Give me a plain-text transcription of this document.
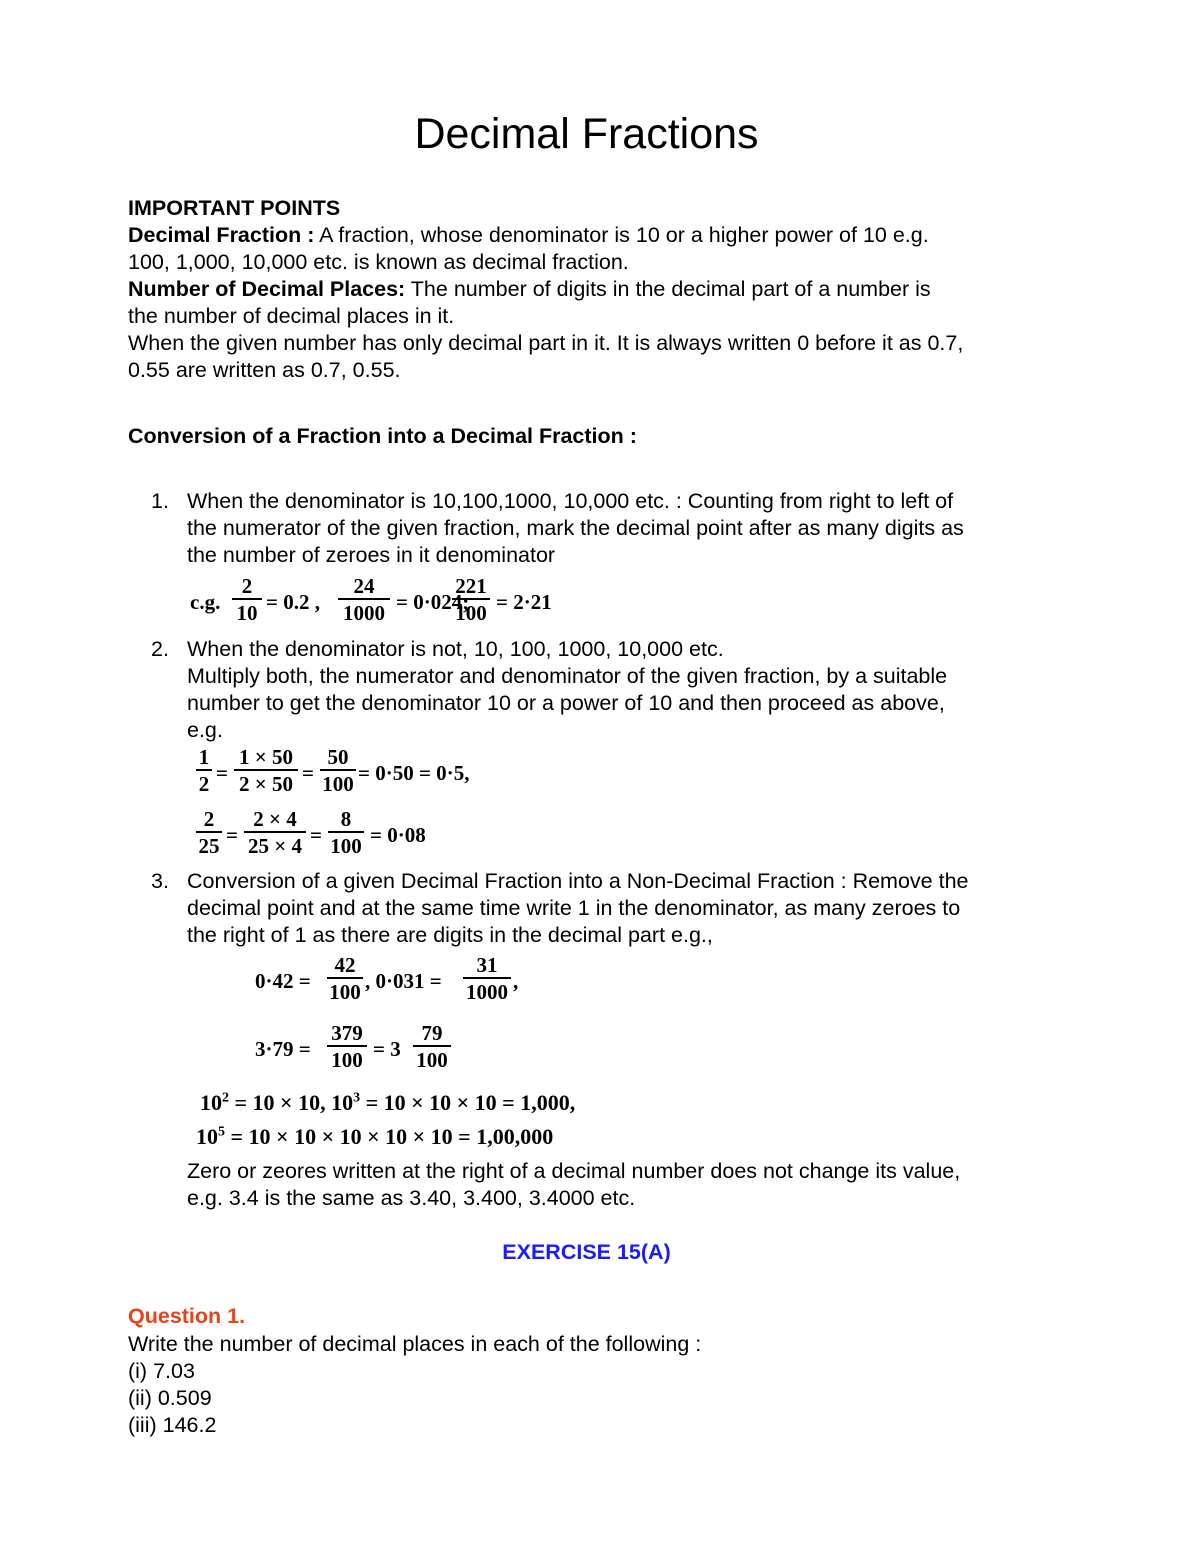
Decimal Fractions
IMPORTANT POINTS
Decimal Fraction : A fraction, whose denominator is 10 or a higher power of 10 e.g.
100, 1,000, 10,000 etc. is known as decimal fraction.
Number of Decimal Places: The number of digits in the decimal part of a number is
the number of decimal places in it.
When the given number has only decimal part in it. It is always written 0 before it as 0.7,
0.55 are written as 0.7, 0.55.
Conversion of a Fraction into a Decimal Fraction :
1. When the denominator is 10,100,1000, 10,000 etc. : Counting from right to left of
the numerator of the given fraction, mark the decimal point after as many digits as
the number of zeroes in it denominator
c.g.
2
10 = 0.2 ,
24
1000 = 0·024;
221
100 = 2·21
2. When the denominator is not, 10, 100, 1000, 10,000 etc.
Multiply both, the numerator and denominator of the given fraction, by a suitable
number to get the denominator 10 or a power of 10 and then proceed as above,
e.g.
1
2 =
1 × 50
2 × 50 =
50
100 = 0·50 = 0·5,
2
25 =
2 × 4
25 × 4 =
8
100 = 0·08
3. Conversion of a given Decimal Fraction into a Non-Decimal Fraction : Remove the
decimal point and at the same time write 1 in the denominator, as many zeroes to
the right of 1 as there are digits in the decimal part e.g.,
0·42 =
42
100 , 0·031 =
31
1000 ,
3·79 =
379
100 = 3
79
100
$10^2 = 10 \times 10$, $10^3 = 10 \times 10 \times 10 = 1,000$,
$10^5 = 10 \times 10 \times 10 \times 10 \times 10 = 1,00,000$
Zero or zeores written at the right of a decimal number does not change its value,
e.g. 3.4 is the same as 3.40, 3.400, 3.4000 etc.
EXERCISE 15(A)
Question 1.
Write the number of decimal places in each of the following :
(i) 7.03
(ii) 0.509
(iii) 146.2
